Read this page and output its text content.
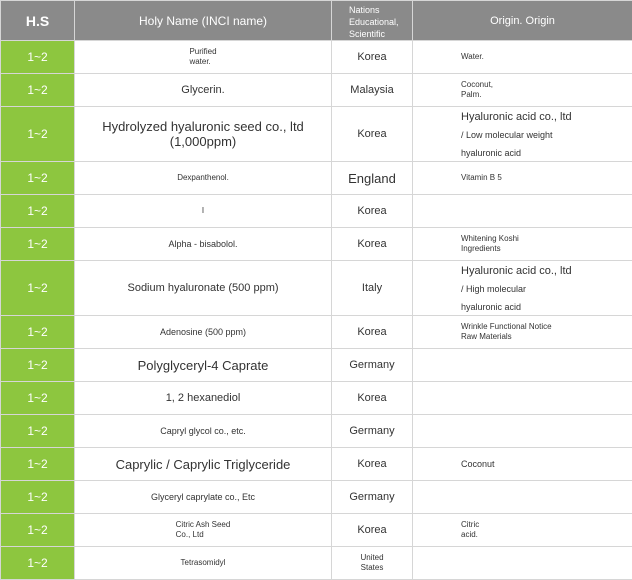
H.S	Holy Name (INCI name)	Nations Educational, Scientific	Origin. Origin
1~2	Purified
water.	Korea	Water.
1~2	Glycerin.	Malaysia	Coconut,
Palm.
1~2	Hydrolyzed hyaluronic seed co., ltd
(1,000ppm)	Korea	Hyaluronic acid co., ltd
/ Low molecular weight
hyaluronic acid
1~2	Dexpanthenol.	England	Vitamin B 5
1~2	I	Korea	
1~2	Alpha - bisabolol.	Korea	Whitening Koshi
Ingredients
1~2	Sodium hyaluronate (500 ppm)	Italy	Hyaluronic acid co., ltd
/ High molecular
hyaluronic acid
1~2	Adenosine (500 ppm)	Korea	Wrinkle Functional Notice
Raw Materials
1~2	Polyglyceryl-4 Caprate	Germany	
1~2	1, 2 hexanediol	Korea	
1~2	Capryl glycol co., etc.	Germany	
1~2	Caprylic / Caprylic Triglyceride	Korea	Coconut
1~2	Glyceryl caprylate co., Etc	Germany	
1~2	Citric Ash Seed
Co., Ltd	Korea	Citric
acid.
1~2	Tetrasomidyl	United
States	
